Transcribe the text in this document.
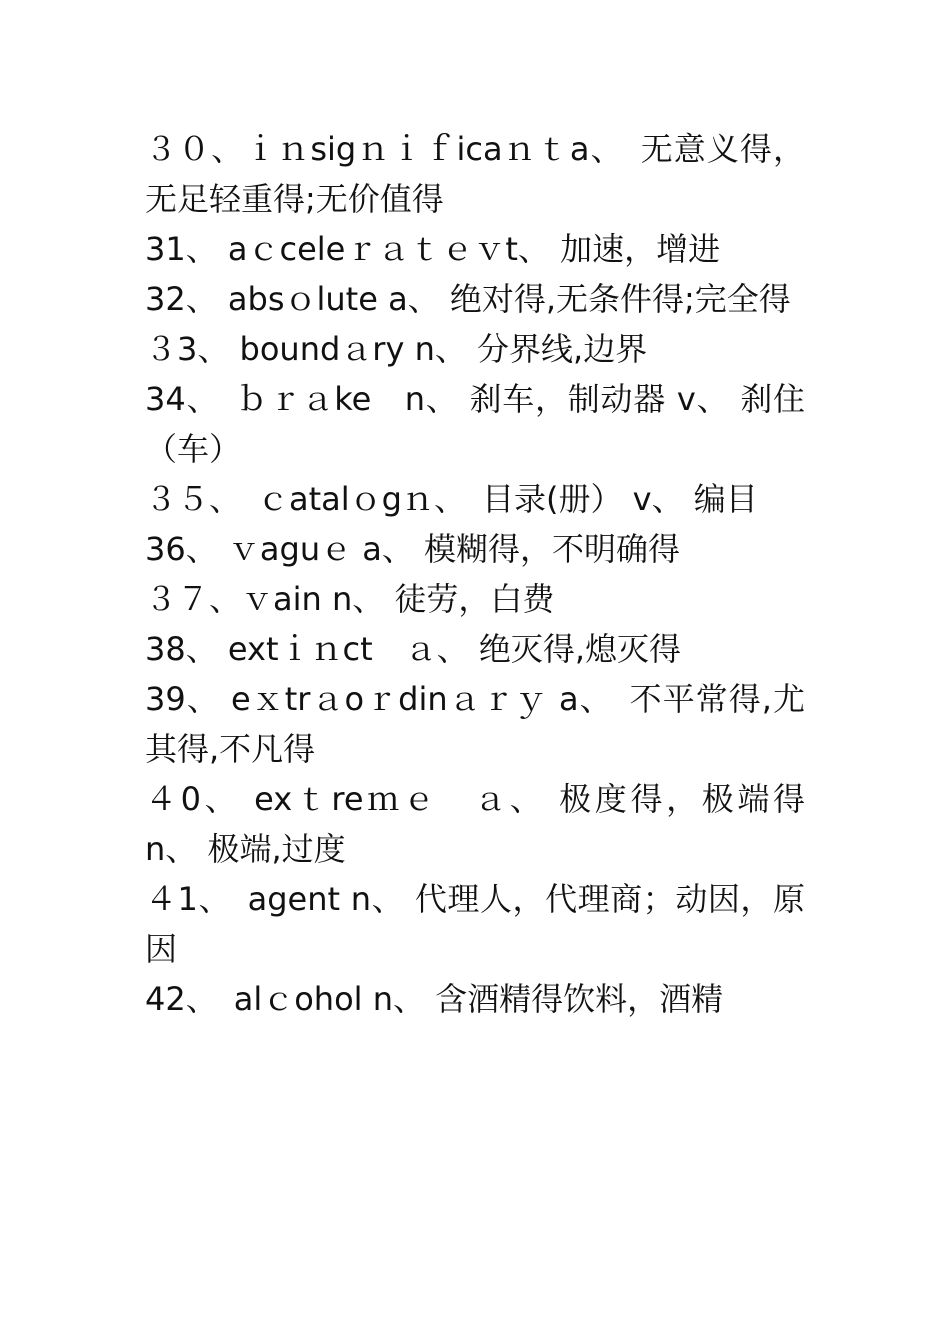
３０、ｉｎsigｎｉｆicaｎｔa、　无意义得，无足轻重得;无价值得

31、 aｃceleｒａｔｅｖt、 加速，增进

32、 absｏlute a、 绝对得,无条件得;完全得

３3、 boundａry n、 分界线,边界

34、　ｂｒａke　n、 刹车，制动器 v、 刹住（车）

３５、　ｃatalｏgｎ、　目录(册） v、 编目

36、 ｖaguｅ a、 模糊得，不明确得

３７、ｖain n、 徒劳，白费

38、 extｉｎct　ａ、 绝灭得,熄灭得

39、 eｘtrａoｒdinａｒｙ a、　不平常得,尤其得,不凡得

４0、 exｔreｍｅ　ａ、 极度得，极端得　n、 极端,过度

４1、　agent n、 代理人，代理商；动因，原因

42、　alｃohol n、 含酒精得饮料，酒精
